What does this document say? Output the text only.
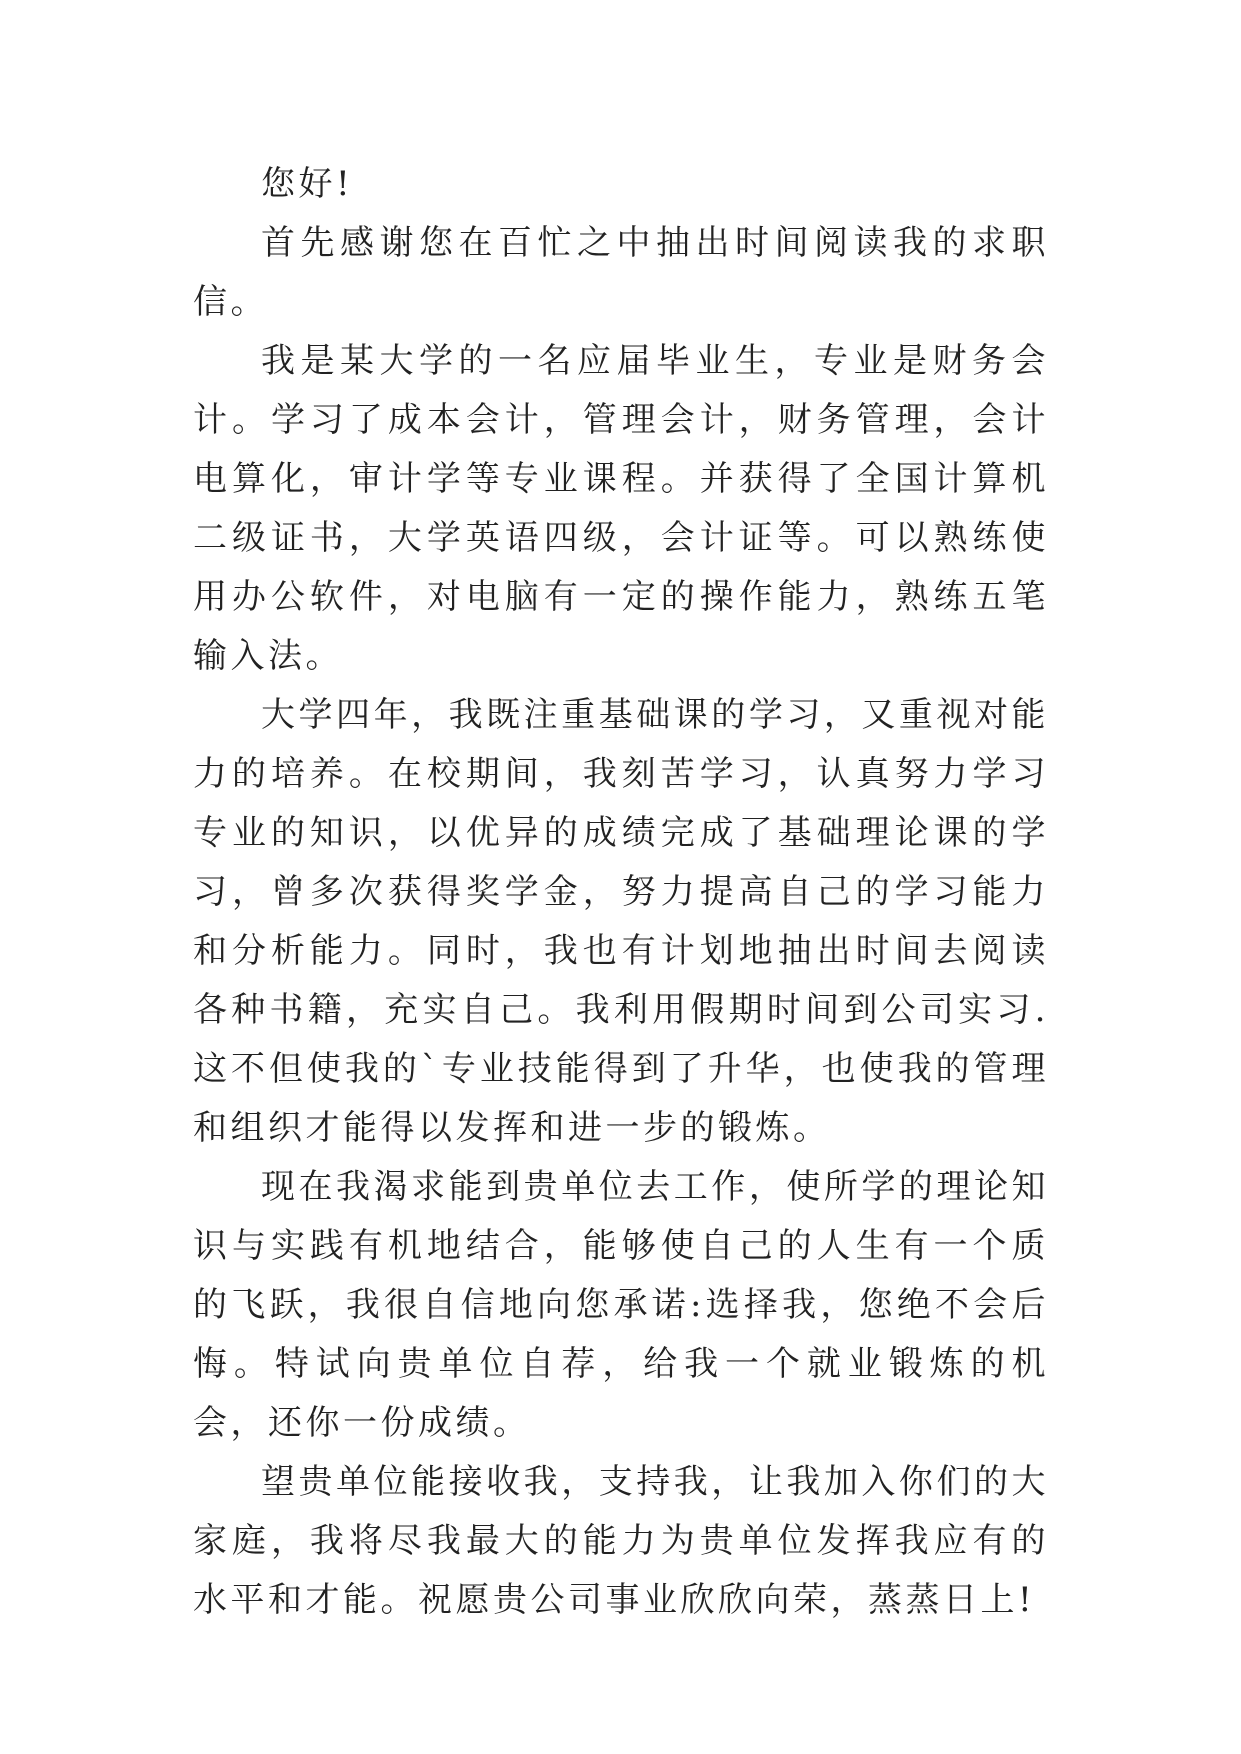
您好!

首先感谢您在百忙之中抽出时间阅读我的求职信。

我是某大学的一名应届毕业生，专业是财务会计。学习了成本会计，管理会计，财务管理，会计电算化，审计学等专业课程。并获得了全国计算机二级证书，大学英语四级，会计证等。可以熟练使用办公软件，对电脑有一定的操作能力，熟练五笔输入法。

大学四年，我既注重基础课的学习，又重视对能力的培养。在校期间，我刻苦学习，认真努力学习专业的知识，以优异的成绩完成了基础理论课的学习，曾多次获得奖学金，努力提高自己的学习能力和分析能力。同时，我也有计划地抽出时间去阅读各种书籍，充实自己。我利用假期时间到公司实习.这不但使我的`专业技能得到了升华，也使我的管理和组织才能得以发挥和进一步的锻炼。

现在我渴求能到贵单位去工作，使所学的理论知识与实践有机地结合，能够使自己的人生有一个质的飞跃，我很自信地向您承诺:选择我，您绝不会后悔。特试向贵单位自荐，给我一个就业锻炼的机会，还你一份成绩。

望贵单位能接收我，支持我，让我加入你们的大家庭，我将尽我最大的能力为贵单位发挥我应有的水平和才能。祝愿贵公司事业欣欣向荣，蒸蒸日上!
